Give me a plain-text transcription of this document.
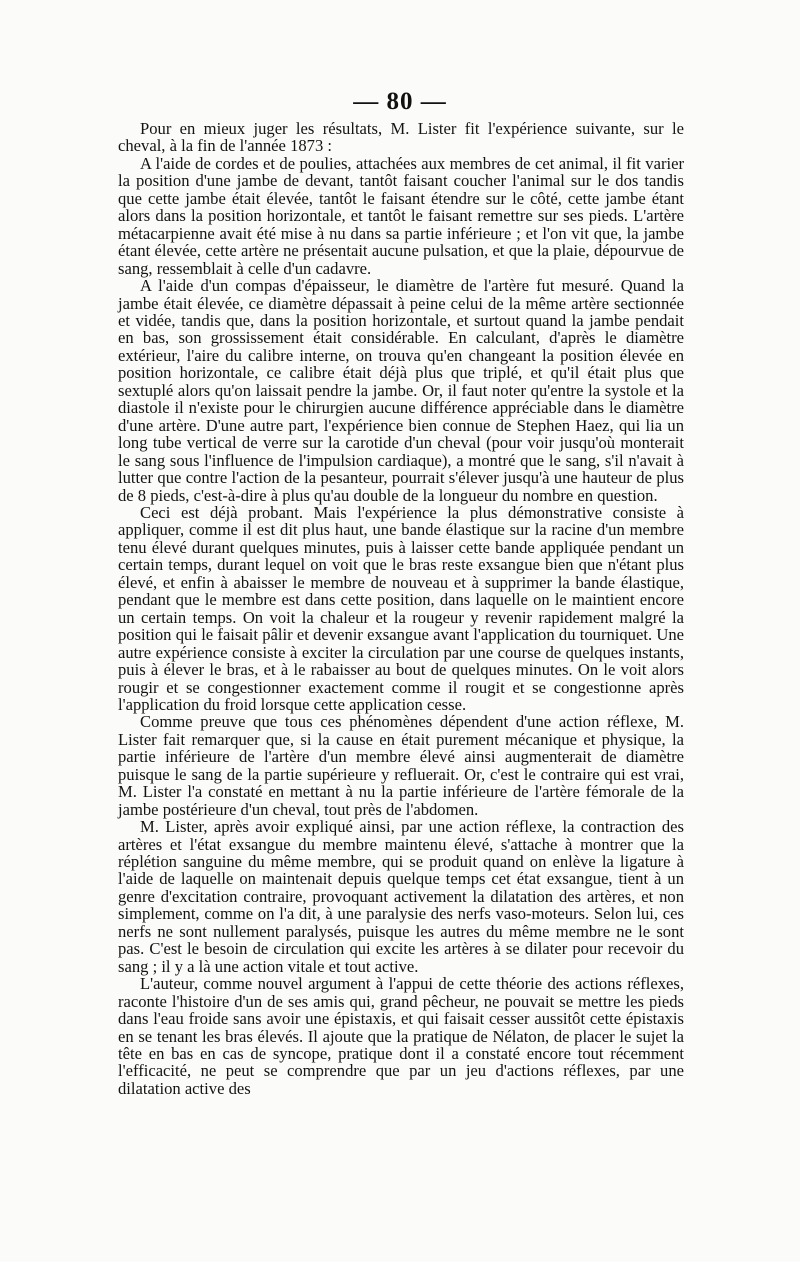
— 80 —

Pour en mieux juger les résultats, M. Lister fit l'expérience suivante, sur le cheval, à la fin de l'année 1873 :

A l'aide de cordes et de poulies, attachées aux membres de cet animal, il fit varier la position d'une jambe de devant, tantôt faisant coucher l'animal sur le dos tandis que cette jambe était élevée, tantôt le faisant étendre sur le côté, cette jambe étant alors dans la position horizontale, et tantôt le faisant remettre sur ses pieds. L'artère métacarpienne avait été mise à nu dans sa partie inférieure ; et l'on vit que, la jambe étant élevée, cette artère ne présentait aucune pulsation, et que la plaie, dépourvue de sang, ressemblait à celle d'un cadavre.

A l'aide d'un compas d'épaisseur, le diamètre de l'artère fut mesuré. Quand la jambe était élevée, ce diamètre dépassait à peine celui de la même artère sectionnée et vidée, tandis que, dans la position horizontale, et surtout quand la jambe pendait en bas, son grossissement était considérable. En calculant, d'après le diamètre extérieur, l'aire du calibre interne, on trouva qu'en changeant la position élevée en position horizontale, ce calibre était déjà plus que triplé, et qu'il était plus que sextuplé alors qu'on laissait pendre la jambe. Or, il faut noter qu'entre la systole et la diastole il n'existe pour le chirurgien aucune différence appréciable dans le diamètre d'une artère. D'une autre part, l'expérience bien connue de Stephen Haez, qui lia un long tube vertical de verre sur la carotide d'un cheval (pour voir jusqu'où monterait le sang sous l'influence de l'impulsion cardiaque), a montré que le sang, s'il n'avait à lutter que contre l'action de la pesanteur, pourrait s'élever jusqu'à une hauteur de plus de 8 pieds, c'est-à-dire à plus qu'au double de la longueur du nombre en question.

Ceci est déjà probant. Mais l'expérience la plus démonstrative consiste à appliquer, comme il est dit plus haut, une bande élastique sur la racine d'un membre tenu élevé durant quelques minutes, puis à laisser cette bande appliquée pendant un certain temps, durant lequel on voit que le bras reste exsangue bien que n'étant plus élevé, et enfin à abaisser le membre de nouveau et à supprimer la bande élastique, pendant que le membre est dans cette position, dans laquelle on le maintient encore un certain temps. On voit la chaleur et la rougeur y revenir rapidement malgré la position qui le faisait pâlir et devenir exsangue avant l'application du tourniquet. Une autre expérience consiste à exciter la circulation par une course de quelques instants, puis à élever le bras, et à le rabaisser au bout de quelques minutes. On le voit alors rougir et se congestionner exactement comme il rougit et se congestionne après l'application du froid lorsque cette application cesse.

Comme preuve que tous ces phénomènes dépendent d'une action réflexe, M. Lister fait remarquer que, si la cause en était purement mécanique et physique, la partie inférieure de l'artère d'un membre élevé ainsi augmenterait de diamètre puisque le sang de la partie supérieure y refluerait. Or, c'est le contraire qui est vrai, M. Lister l'a constaté en mettant à nu la partie inférieure de l'artère fémorale de la jambe postérieure d'un cheval, tout près de l'abdomen.

M. Lister, après avoir expliqué ainsi, par une action réflexe, la contraction des artères et l'état exsangue du membre maintenu élevé, s'attache à montrer que la réplétion sanguine du même membre, qui se produit quand on enlève la ligature à l'aide de laquelle on maintenait depuis quelque temps cet état exsangue, tient à un genre d'excitation contraire, provoquant activement la dilatation des artères, et non simplement, comme on l'a dit, à une paralysie des nerfs vaso-moteurs. Selon lui, ces nerfs ne sont nullement paralysés, puisque les autres du même membre ne le sont pas. C'est le besoin de circulation qui excite les artères à se dilater pour recevoir du sang ; il y a là une action vitale et tout active.

L'auteur, comme nouvel argument à l'appui de cette théorie des actions réflexes, raconte l'histoire d'un de ses amis qui, grand pêcheur, ne pouvait se mettre les pieds dans l'eau froide sans avoir une épistaxis, et qui faisait cesser aussitôt cette épistaxis en se tenant les bras élevés. Il ajoute que la pratique de Nélaton, de placer le sujet la tête en bas en cas de syncope, pratique dont il a constaté encore tout récemment l'efficacité, ne peut se comprendre que par un jeu d'actions réflexes, par une dilatation active des
